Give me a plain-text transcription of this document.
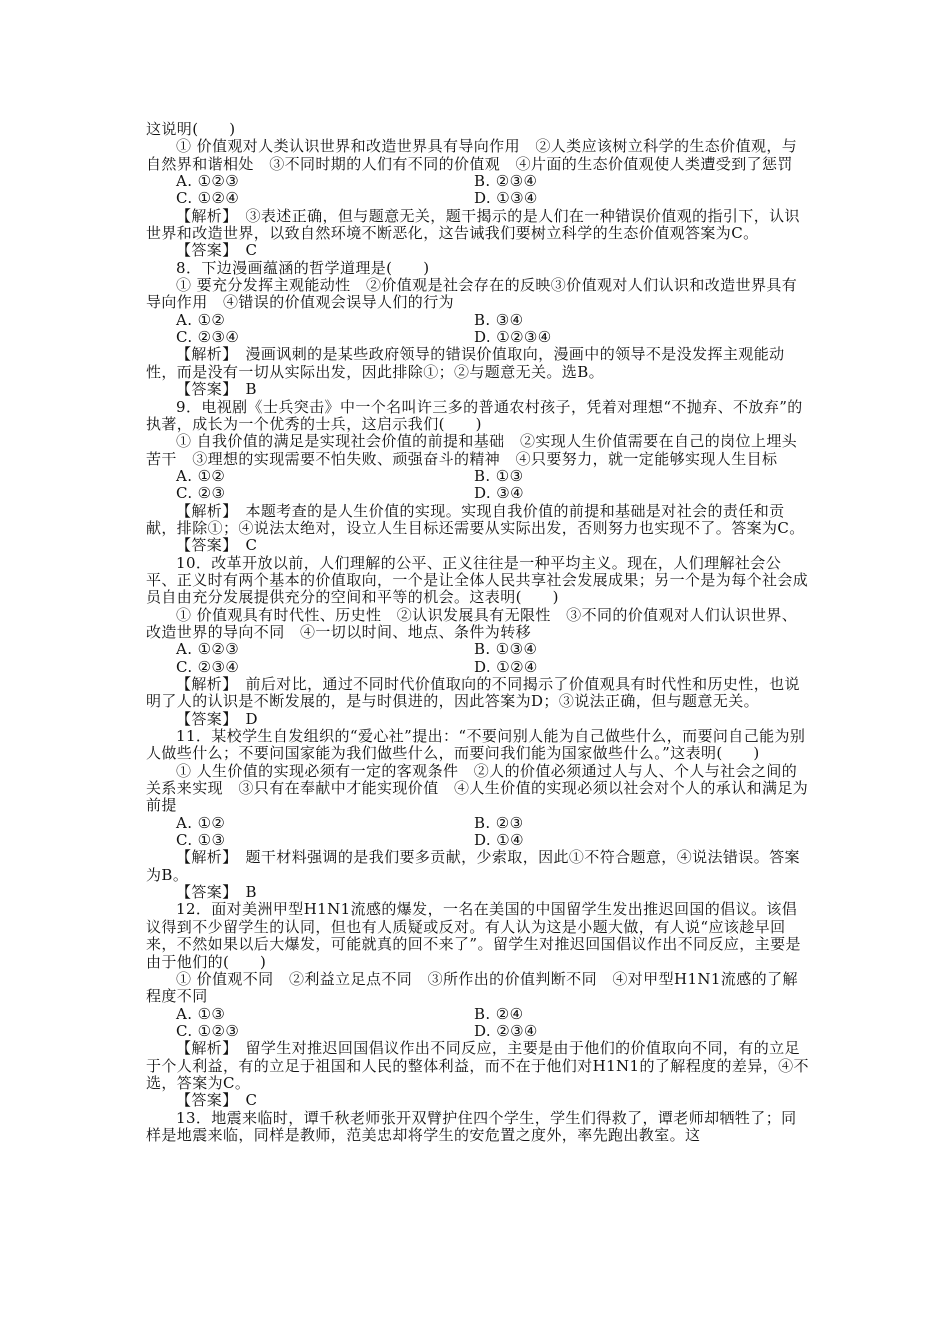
这说明(　　)

① 价值观对人类认识世界和改造世界具有导向作用　②人类应该树立科学的生态价值观，与自然界和谐相处　③不同时期的人们有不同的价值观　④片面的生态价值观使人类遭受到了惩罚

A. ①②③	B. ②③④
C. ①②④	D. ①③④

【解析】　③表述正确，但与题意无关，题干揭示的是人们在一种错误价值观的指引下，认识世界和改造世界，以致自然环境不断恶化，这告诫我们要树立科学的生态价值观答案为C。

【答案】　C

8．下边漫画蕴涵的哲学道理是(　　)

① 要充分发挥主观能动性　②价值观是社会存在的反映③价值观对人们认识和改造世界具有导向作用　④错误的价值观会误导人们的行为

A. ①②	B. ③④
C. ②③④	D. ①②③④

【解析】　漫画讽刺的是某些政府领导的错误价值取向，漫画中的领导不是没发挥主观能动性，而是没有一切从实际出发，因此排除①；②与题意无关。选B。

【答案】　B

9．电视剧《士兵突击》中一个名叫许三多的普通农村孩子，凭着对理想“不抛弃、不放弃”的执著，成长为一个优秀的士兵，这启示我们(　　)

① 自我价值的满足是实现社会价值的前提和基础　②实现人生价值需要在自己的岗位上埋头苦干　③理想的实现需要不怕失败、顽强奋斗的精神　④只要努力，就一定能够实现人生目标

A. ①②	B. ①③
C. ②③	D. ③④

【解析】　本题考查的是人生价值的实现。实现自我价值的前提和基础是对社会的责任和贡献，排除①；④说法太绝对，设立人生目标还需要从实际出发，否则努力也实现不了。答案为C。

【答案】　C

10．改革开放以前，人们理解的公平、正义往往是一种平均主义。现在，人们理解社会公平、正义时有两个基本的价值取向，一个是让全体人民共享社会发展成果；另一个是为每个社会成员自由充分发展提供充分的空间和平等的机会。这表明(　　)

① 价值观具有时代性、历史性　②认识发展具有无限性　③不同的价值观对人们认识世界、改造世界的导向不同　④一切以时间、地点、条件为转移

A. ①②③	B. ①③④
C. ②③④	D. ①②④

【解析】　前后对比，通过不同时代价值取向的不同揭示了价值观具有时代性和历史性，也说明了人的认识是不断发展的，是与时俱进的，因此答案为D；③说法正确，但与题意无关。

【答案】　D

11．某校学生自发组织的“爱心社”提出：“不要问别人能为自己做些什么，而要问自己能为别人做些什么；不要问国家能为我们做些什么，而要问我们能为国家做些什么。”这表明(　　)

① 人生价值的实现必须有一定的客观条件　②人的价值必须通过人与人、个人与社会之间的关系来实现　③只有在奉献中才能实现价值　④人生价值的实现必须以社会对个人的承认和满足为前提

A. ①②	B. ②③
C. ①③	D. ①④

【解析】　题干材料强调的是我们要多贡献，少索取，因此①不符合题意，④说法错误。答案为B。

【答案】　B

12．面对美洲甲型H1N1流感的爆发，一名在美国的中国留学生发出推迟回国的倡议。该倡议得到不少留学生的认同，但也有人质疑或反对。有人认为这是小题大做，有人说“应该趁早回来，不然如果以后大爆发，可能就真的回不来了”。留学生对推迟回国倡议作出不同反应，主要是由于他们的(　　)

① 价值观不同　②利益立足点不同　③所作出的价值判断不同　④对甲型H1N1流感的了解程度不同

A. ①③	B. ②④
C. ①②③	D. ②③④

【解析】　留学生对推迟回国倡议作出不同反应，主要是由于他们的价值取向不同，有的立足于个人利益，有的立足于祖国和人民的整体利益，而不在于他们对H1N1的了解程度的差异，④不选，答案为C。

【答案】　C

13．地震来临时，谭千秋老师张开双臂护住四个学生，学生们得救了，谭老师却牺牲了；同样是地震来临，同样是教师，范美忠却将学生的安危置之度外，率先跑出教室。这
